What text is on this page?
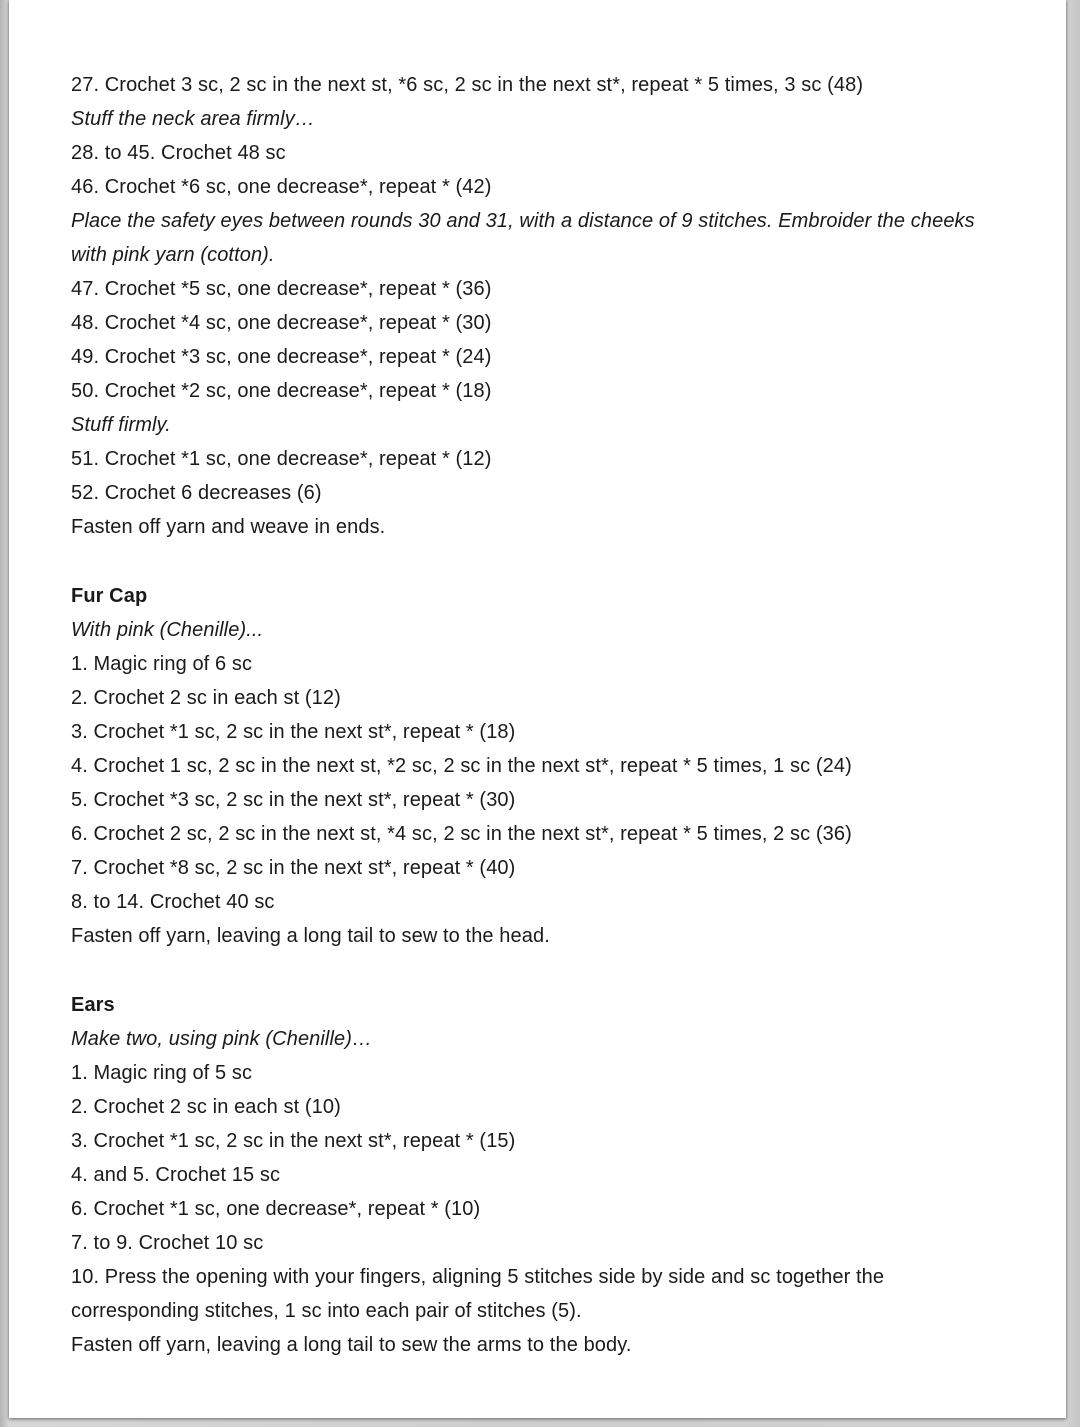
27. Crochet 3 sc, 2 sc in the next st, *6 sc, 2 sc in the next st*, repeat * 5 times, 3 sc (48)

Stuff the neck area firmly…

28. to 45. Crochet 48 sc

46. Crochet *6 sc, one decrease*, repeat * (42)

Place the safety eyes between rounds 30 and 31, with a distance of 9 stitches. Embroider the cheeks with pink yarn (cotton).

47. Crochet *5 sc, one decrease*, repeat * (36)

48. Crochet *4 sc, one decrease*, repeat * (30)

49. Crochet *3 sc, one decrease*, repeat * (24)

50. Crochet *2 sc, one decrease*, repeat * (18)

Stuff firmly.

51. Crochet *1 sc, one decrease*, repeat * (12)

52. Crochet 6 decreases (6)

Fasten off yarn and weave in ends.

Fur Cap

With pink (Chenille)...

1. Magic ring of 6 sc

2. Crochet 2 sc in each st (12)

3. Crochet *1 sc, 2 sc in the next st*, repeat * (18)

4. Crochet 1 sc, 2 sc in the next st, *2 sc, 2 sc in the next st*, repeat * 5 times, 1 sc (24)

5. Crochet *3 sc, 2 sc in the next st*, repeat * (30)

6. Crochet 2 sc, 2 sc in the next st, *4 sc, 2 sc in the next st*, repeat * 5 times, 2 sc (36)

7. Crochet *8 sc, 2 sc in the next st*, repeat * (40)

8. to 14. Crochet 40 sc

Fasten off yarn, leaving a long tail to sew to the head.

Ears

Make two, using pink (Chenille)…

1. Magic ring of 5 sc

2. Crochet 2 sc in each st (10)

3. Crochet *1 sc, 2 sc in the next st*, repeat * (15)

4. and 5. Crochet 15 sc

6. Crochet *1 sc, one decrease*, repeat * (10)

7. to 9. Crochet 10 sc

10. Press the opening with your fingers, aligning 5 stitches side by side and sc together the corresponding stitches, 1 sc into each pair of stitches (5).

Fasten off yarn, leaving a long tail to sew the arms to the body.
